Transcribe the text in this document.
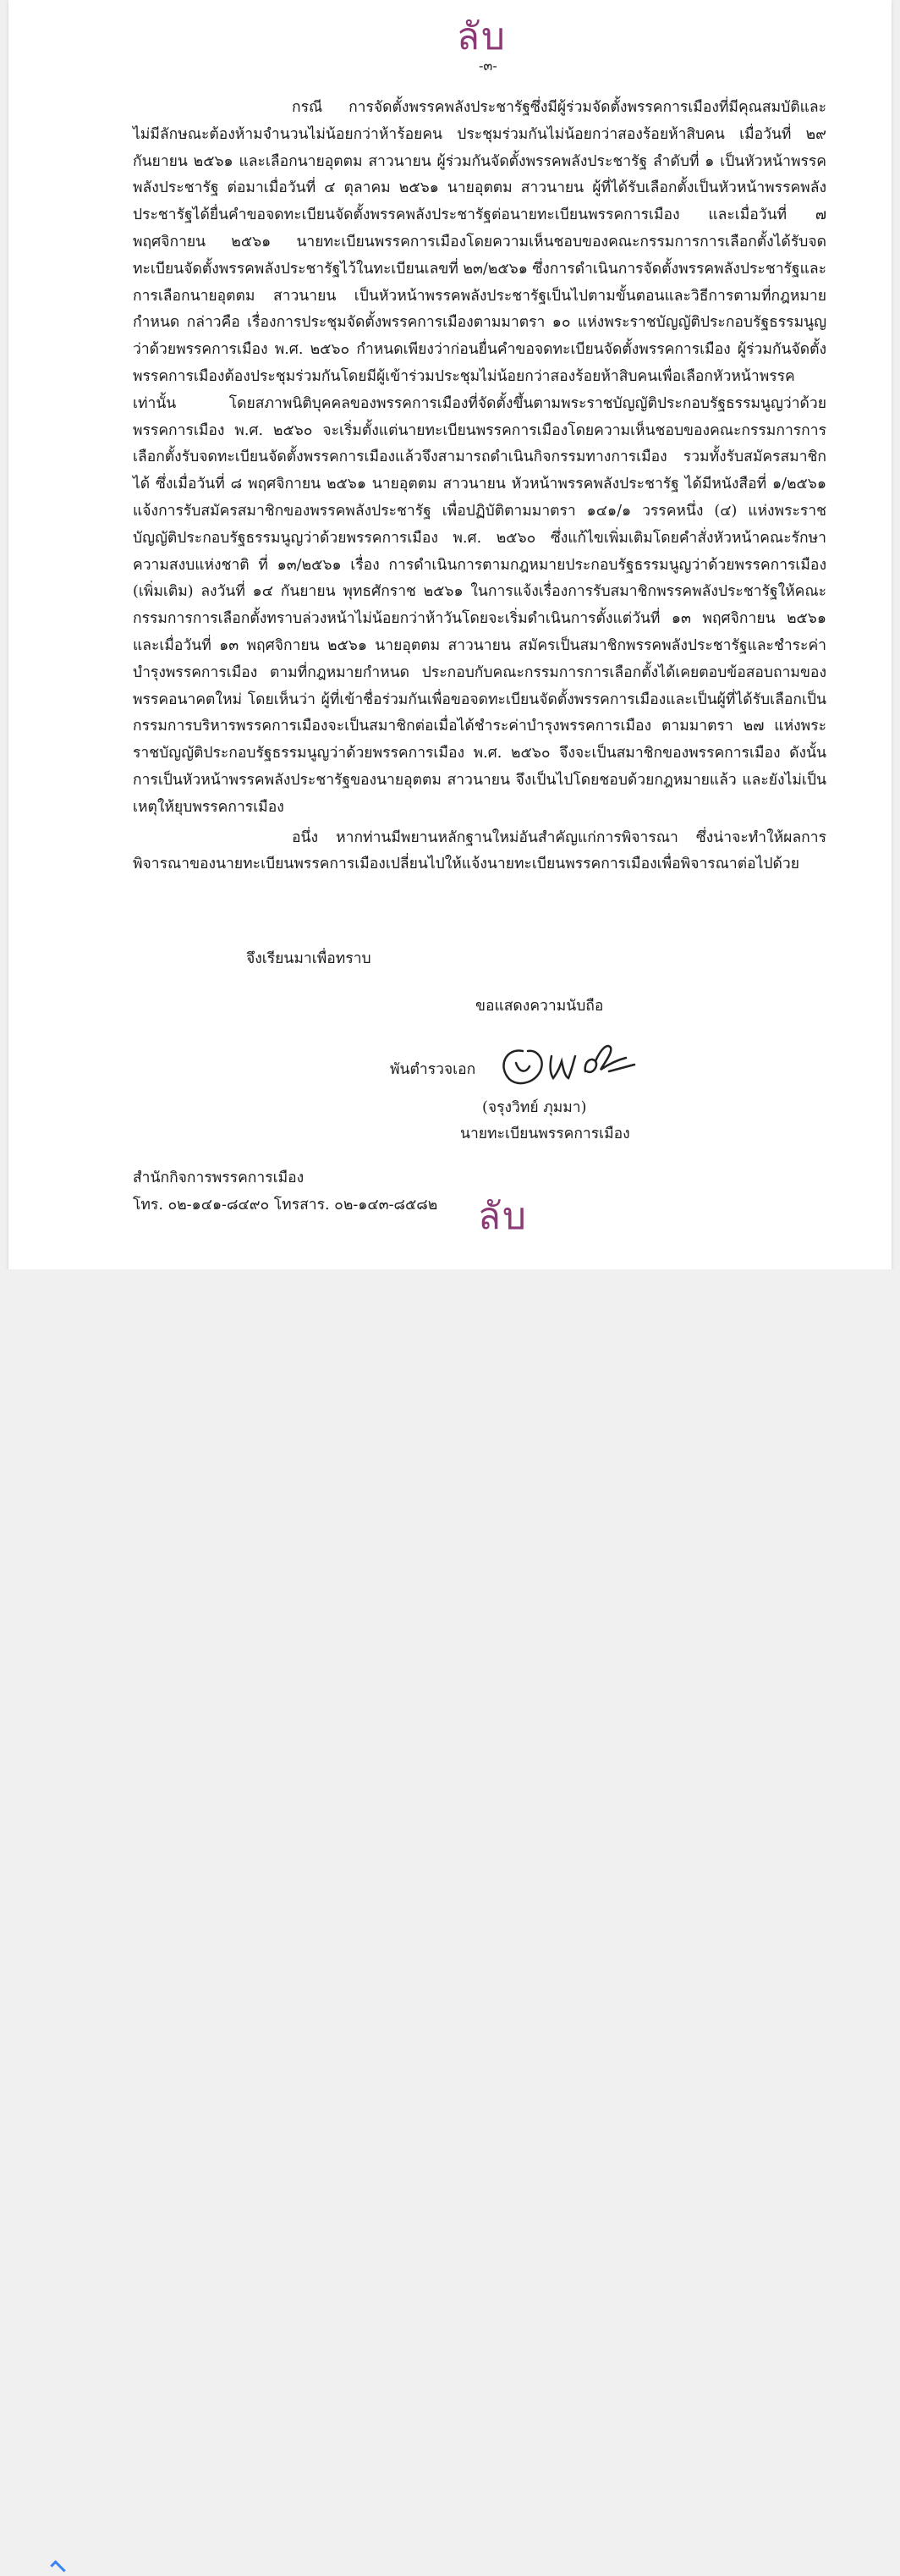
ลับ
-๓-

กรณี การจัดตั้งพรรคพลังประชารัฐซึ่งมีผู้ร่วมจัดตั้งพรรคการเมืองที่มีคุณสมบัติและไม่มีลักษณะต้องห้ามจำนวนไม่น้อยกว่าห้าร้อยคน ประชุมร่วมกันไม่น้อยกว่าสองร้อยห้าสิบคน เมื่อวันที่ ๒๙ กันยายน ๒๕๖๑ และเลือกนายอุตตม สาวนายน ผู้ร่วมกันจัดตั้งพรรคพลังประชารัฐ ลำดับที่ ๑ เป็นหัวหน้าพรรคพลังประชารัฐ ต่อมาเมื่อวันที่ ๔ ตุลาคม ๒๕๖๑ นายอุตตม สาวนายน ผู้ที่ได้รับเลือกตั้งเป็นหัวหน้าพรรคพลังประชารัฐได้ยื่นคำขอจดทะเบียนจัดตั้งพรรคพลังประชารัฐต่อนายทะเบียนพรรคการเมือง และเมื่อวันที่ ๗ พฤศจิกายน ๒๕๖๑ นายทะเบียนพรรคการเมืองโดยความเห็นชอบของคณะกรรมการการเลือกตั้งได้รับจดทะเบียนจัดตั้งพรรคพลังประชารัฐไว้ในทะเบียนเลขที่ ๒๓/๒๕๖๑ ซึ่งการดำเนินการจัดตั้งพรรคพลังประชารัฐและการเลือกนายอุตตม สาวนายน เป็นหัวหน้าพรรคพลังประชารัฐเป็นไปตามขั้นตอนและวิธีการตามที่กฎหมายกำหนด กล่าวคือ เรื่องการประชุมจัดตั้งพรรคการเมืองตามมาตรา ๑๐ แห่งพระราชบัญญัติประกอบรัฐธรรมนูญว่าด้วยพรรคการเมือง พ.ศ. ๒๕๖๐ กำหนดเพียงว่าก่อนยื่นคำขอจดทะเบียนจัดตั้งพรรคการเมือง ผู้ร่วมกันจัดตั้งพรรคการเมืองต้องประชุมร่วมกันโดยมีผู้เข้าร่วมประชุมไม่น้อยกว่าสองร้อยห้าสิบคนเพื่อเลือกหัวหน้าพรรคเท่านั้น โดยสภาพนิติบุคคลของพรรคการเมืองที่จัดตั้งขึ้นตามพระราชบัญญัติประกอบรัฐธรรมนูญว่าด้วยพรรคการเมือง พ.ศ. ๒๕๖๐ จะเริ่มตั้งแต่นายทะเบียนพรรคการเมืองโดยความเห็นชอบของคณะกรรมการการเลือกตั้งรับจดทะเบียนจัดตั้งพรรคการเมืองแล้วจึงสามารถดำเนินกิจกรรมทางการเมือง รวมทั้งรับสมัครสมาชิกได้ ซึ่งเมื่อวันที่ ๘ พฤศจิกายน ๒๕๖๑ นายอุตตม สาวนายน หัวหน้าพรรคพลังประชารัฐ ได้มีหนังสือที่ ๑/๒๕๖๑ แจ้งการรับสมัครสมาชิกของพรรคพลังประชารัฐ เพื่อปฏิบัติตามมาตรา ๑๔๑/๑ วรรคหนึ่ง (๔) แห่งพระราชบัญญัติประกอบรัฐธรรมนูญว่าด้วยพรรคการเมือง พ.ศ. ๒๕๖๐ ซึ่งแก้ไขเพิ่มเติมโดยคำสั่งหัวหน้าคณะรักษาความสงบแห่งชาติ ที่ ๑๓/๒๕๖๑ เรื่อง การดำเนินการตามกฎหมายประกอบรัฐธรรมนูญว่าด้วยพรรคการเมือง (เพิ่มเติม) ลงวันที่ ๑๔ กันยายน พุทธศักราช ๒๕๖๑ ในการแจ้งเรื่องการรับสมาชิกพรรคพลังประชารัฐให้คณะกรรมการการเลือกตั้งทราบล่วงหน้าไม่น้อยกว่าห้าวันโดยจะเริ่มดำเนินการตั้งแต่วันที่ ๑๓ พฤศจิกายน ๒๕๖๑ และเมื่อวันที่ ๑๓ พฤศจิกายน ๒๕๖๑ นายอุตตม สาวนายน สมัครเป็นสมาชิกพรรคพลังประชารัฐและชำระค่าบำรุงพรรคการเมือง ตามที่กฎหมายกำหนด ประกอบกับคณะกรรมการการเลือกตั้งได้เคยตอบข้อสอบถามของพรรคอนาคตใหม่ โดยเห็นว่า ผู้ที่เข้าชื่อร่วมกันเพื่อขอจดทะเบียนจัดตั้งพรรคการเมืองและเป็นผู้ที่ได้รับเลือกเป็นกรรมการบริหารพรรคการเมืองจะเป็นสมาชิกต่อเมื่อได้ชำระค่าบำรุงพรรคการเมือง ตามมาตรา ๒๗ แห่งพระราชบัญญัติประกอบรัฐธรรมนูญว่าด้วยพรรคการเมือง พ.ศ. ๒๕๖๐ จึงจะเป็นสมาชิกของพรรคการเมือง ดังนั้น การเป็นหัวหน้าพรรคพลังประชารัฐของนายอุตตม สาวนายน จึงเป็นไปโดยชอบด้วยกฎหมายแล้ว และยังไม่เป็นเหตุให้ยุบพรรคการเมือง

อนึ่ง หากท่านมีพยานหลักฐานใหม่อันสำคัญแก่การพิจารณา ซึ่งน่าจะทำให้ผลการพิจารณาของนายทะเบียนพรรคการเมืองเปลี่ยนไปให้แจ้งนายทะเบียนพรรคการเมืองเพื่อพิจารณาต่อไปด้วย

จึงเรียนมาเพื่อทราบ
ขอแสดงความนับถือ
พันตำรวจเอก
(จรุงวิทย์ ภุมมา)
นายทะเบียนพรรคการเมือง
สำนักกิจการพรรคการเมือง
โทร. ๐๒-๑๔๑-๘๔๙๐ โทรสาร. ๐๒-๑๔๓-๘๕๘๒ ลับ
